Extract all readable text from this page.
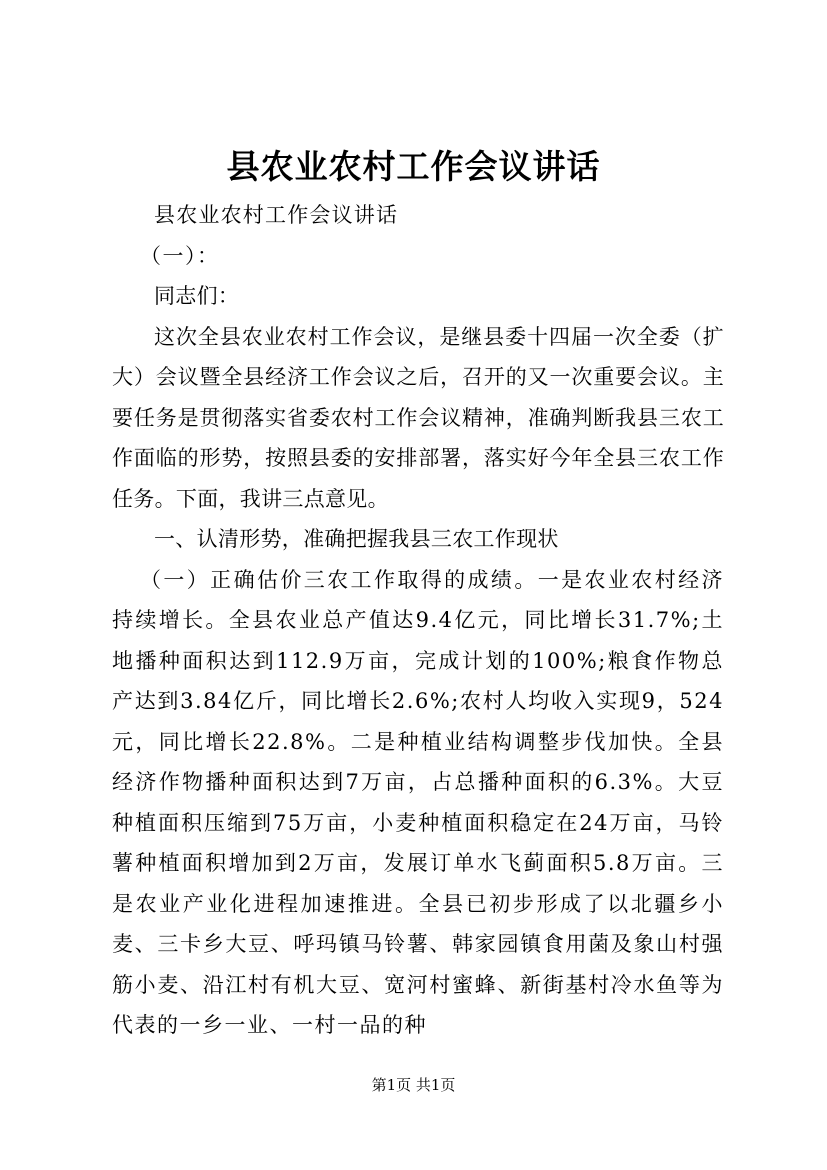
县农业农村工作会议讲话

县农业农村工作会议讲话

（一）：

同志们：

这次全县农业农村工作会议，是继县委十四届一次全委（扩大）会议暨全县经济工作会议之后，召开的又一次重要会议。主要任务是贯彻落实省委农村工作会议精神，准确判断我县三农工作面临的形势，按照县委的安排部署，落实好今年全县三农工作任务。下面，我讲三点意见。

一、认清形势，准确把握我县三农工作现状

（一）正确估价三农工作取得的成绩。一是农业农村经济持续增长。全县农业总产值达9.4亿元，同比增长31.7%;土地播种面积达到112.9万亩，完成计划的100%;粮食作物总产达到3.84亿斤，同比增长2.6%;农村人均收入实现9，524元，同比增长22.8%。二是种植业结构调整步伐加快。全县经济作物播种面积达到7万亩，占总播种面积的6.3%。大豆种植面积压缩到75万亩，小麦种植面积稳定在24万亩，马铃薯种植面积增加到2万亩，发展订单水飞蓟面积5.8万亩。三是农业产业化进程加速推进。全县已初步形成了以北疆乡小麦、三卡乡大豆、呼玛镇马铃薯、韩家园镇食用菌及象山村强筋小麦、沿江村有机大豆、宽河村蜜蜂、新街基村冷水鱼等为代表的一乡一业、一村一品的种

第1页 共1页
